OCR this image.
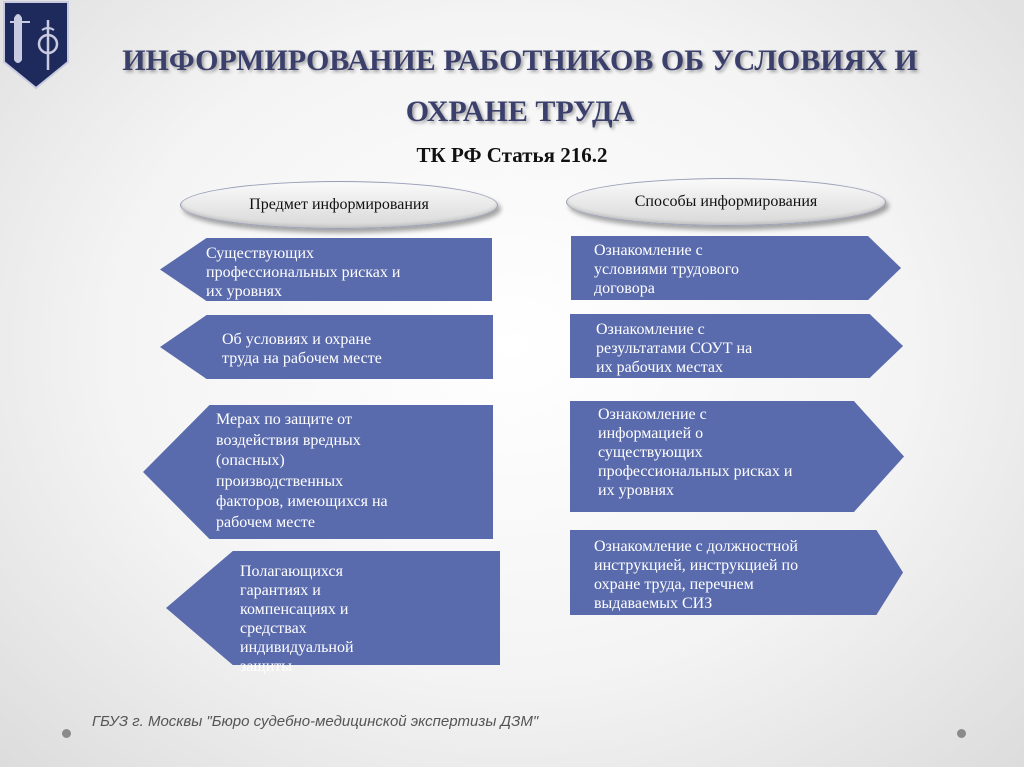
ИНФОРМИРОВАНИЕ РАБОТНИКОВ ОБ УСЛОВИЯХ И
ОХРАНЕ ТРУДА
ТК РФ Статья 216.2
Предмет информирования	Способы информирования
Существующих
профессиональных рисках и
их уровнях
Об условиях и охране
труда на рабочем месте
Мерах по защите от
воздействия вредных
(опасных)
производственных
факторов, имеющихся на
рабочем месте
Полагающихся
гарантиях и
компенсациях и
средствах
индивидуальной
защиты
Ознакомление с
условиями трудового
договора
Ознакомление с
результатами СОУТ на
их рабочих местах
Ознакомление с
информацией о
существующих
профессиональных рисках и
их уровнях
Ознакомление с должностной
инструкцией, инструкцией по
охране труда, перечнем
выдаваемых СИЗ
ГБУЗ г. Москвы "Бюро судебно-медицинской экспертизы ДЗМ"
